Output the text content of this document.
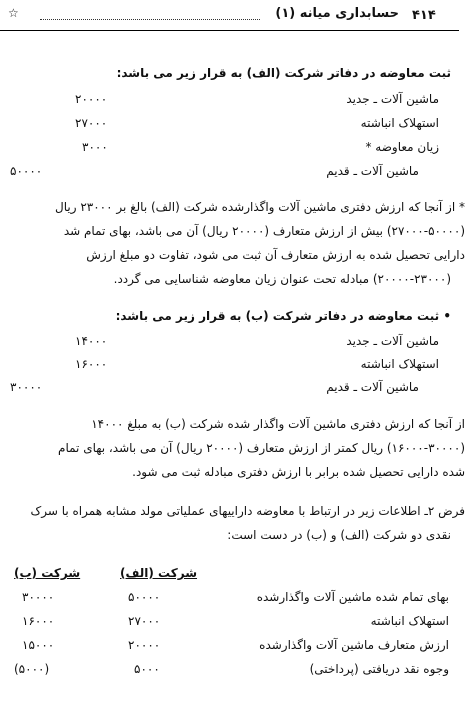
۴۱۴
حسابداری میانه (۱)
☆
ثبت معاوضه در دفاتر شرکت (الف) به قرار زیر می باشد:
ماشین آلات ـ جدید
۲۰۰۰۰
استهلاک انباشته
۲۷۰۰۰
زیان معاوضه *
۳۰۰۰
ماشین آلات ـ قدیم
۵۰۰۰۰
* از آنجا که ارزش دفتری ماشین آلات واگذارشده شرکت (الف) بالغ بر ۲۳۰۰۰ ریال
(۲۷۰۰۰-۵۰۰۰۰) بیش از ارزش متعارف (۲۰۰۰۰ ریال) آن می باشد، بهای تمام شد
دارایی تحصیل شده به ارزش متعارف آن ثبت می شود، تفاوت دو مبلغ ارزش
(۲۰۰۰۰-۲۳۰۰۰) مبادله تحت عنوان زیان معاوضه شناسایی می گردد.
• ثبت معاوضه در دفاتر شرکت (ب) به قرار زیر می باشد:
ماشین آلات ـ جدید
۱۴۰۰۰
استهلاک انباشته
۱۶۰۰۰
ماشین آلات ـ قدیم
۳۰۰۰۰
از آنجا که ارزش دفتری ماشین آلات واگذار شده شرکت (ب) به مبلغ ۱۴۰۰۰
(۱۶۰۰۰-۳۰۰۰۰) ریال کمتر از ارزش متعارف (۲۰۰۰۰ ریال) آن می باشد، بهای تمام
شده دارایی تحصیل شده برابر با ارزش دفتری مبادله ثبت می شود.
فرض ۲ـ اطلاعات زیر در ارتباط با معاوضه داراییهای عملیاتی مولد مشابه همراه با سرک
نقدی دو شرکت (الف) و (ب) در دست است:
شرکت (الف)
شرکت (ب)
بهای تمام شده ماشین آلات واگذارشده
۵۰۰۰۰
۳۰۰۰۰
استهلاک انباشته
۲۷۰۰۰
۱۶۰۰۰
ارزش متعارف ماشین آلات واگذارشده
۲۰۰۰۰
۱۵۰۰۰
وجوه نقد دریافتی (پرداختی)
۵۰۰۰
(۵۰۰۰)
